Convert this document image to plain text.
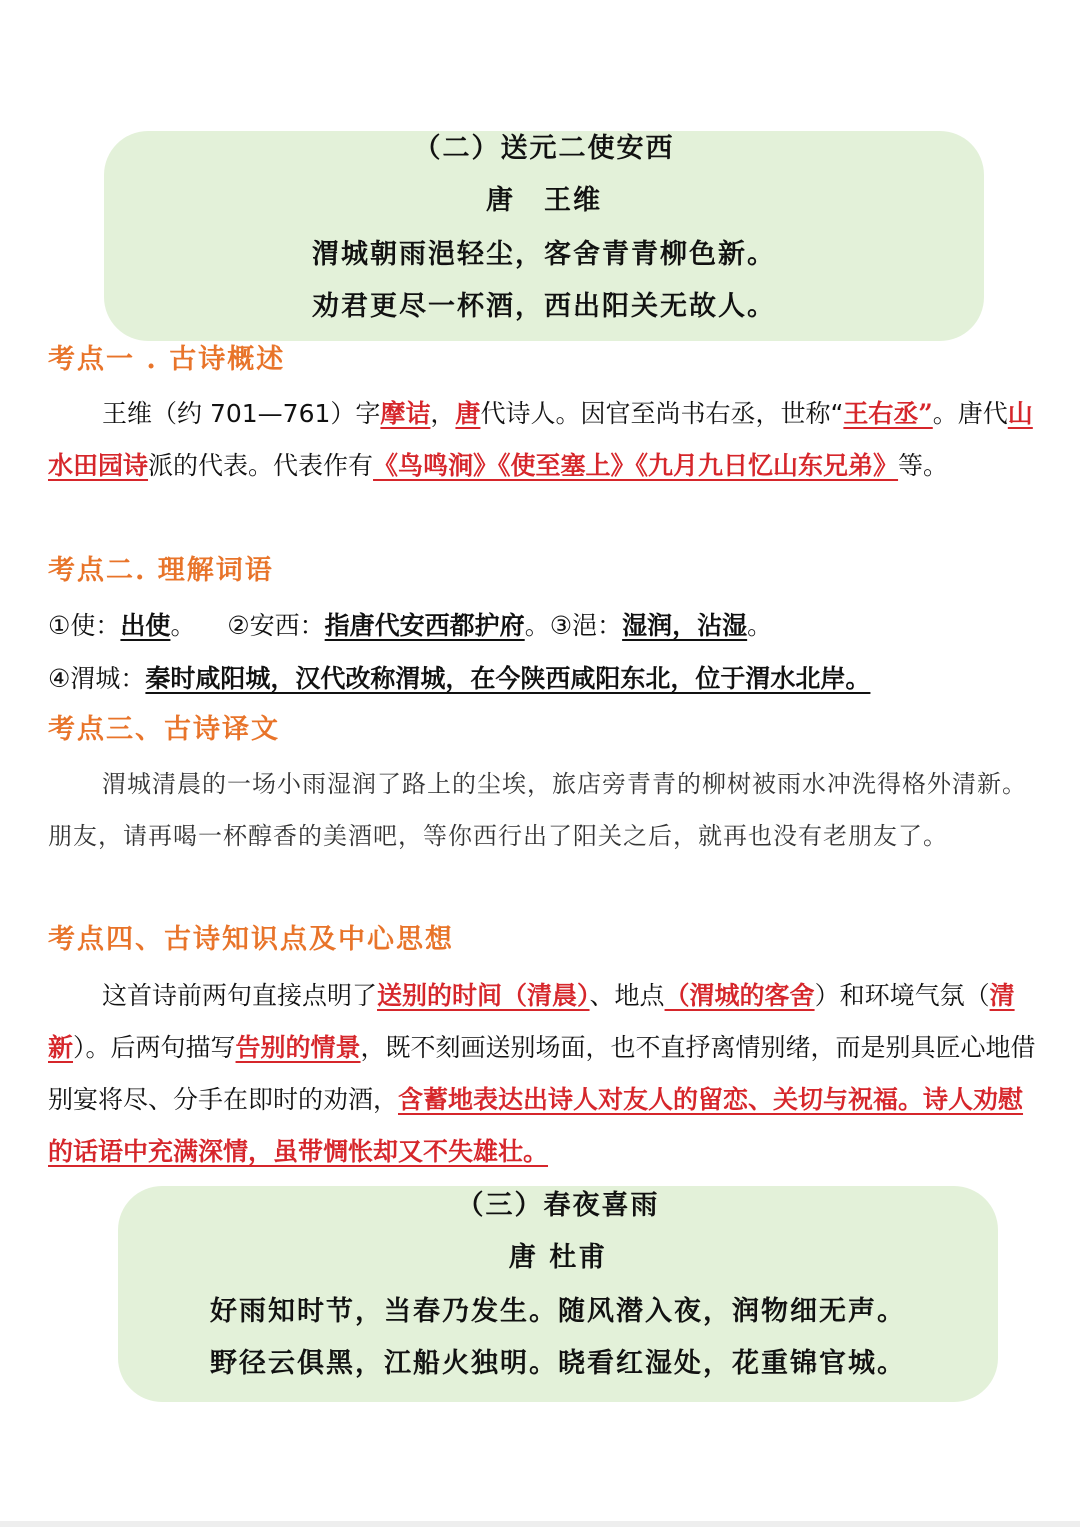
（二）送元二使安西
唐　王维
渭城朝雨浥轻尘，客舍青青柳色新。
劝君更尽一杯酒，西出阳关无故人。
考点一 . 古诗概述
王维（约 701—761）字摩诘，唐代诗人。因官至尚书右丞，世称“王右丞”。唐代山水田园诗派的代表。代表作有《鸟鸣涧》《使至塞上》《九月九日忆山东兄弟》等。
考点二. 理解词语
①使：出使。 ②安西：指唐代安西都护府。③浥：湿润，沾湿。
④渭城：秦时咸阳城，汉代改称渭城，在今陕西咸阳东北，位于渭水北岸。
考点三、古诗译文
渭城清晨的一场小雨湿润了路上的尘埃，旅店旁青青的柳树被雨水冲洗得格外清新。朋友，请再喝一杯醇香的美酒吧，等你西行出了阳关之后，就再也没有老朋友了。
考点四、古诗知识点及中心思想
这首诗前两句直接点明了送别的时间（清晨）、地点（渭城的客舍）和环境气氛（清新）。后两句描写告别的情景，既不刻画送别场面，也不直抒离情别绪，而是别具匠心地借别宴将尽、分手在即时的劝酒，含蓄地表达出诗人对友人的留恋、关切与祝福。诗人劝慰的话语中充满深情，虽带惆怅却又不失雄壮。
（三）春夜喜雨
唐 杜甫
好雨知时节，当春乃发生。随风潜入夜，润物细无声。
野径云俱黑，江船火独明。晓看红湿处，花重锦官城。
